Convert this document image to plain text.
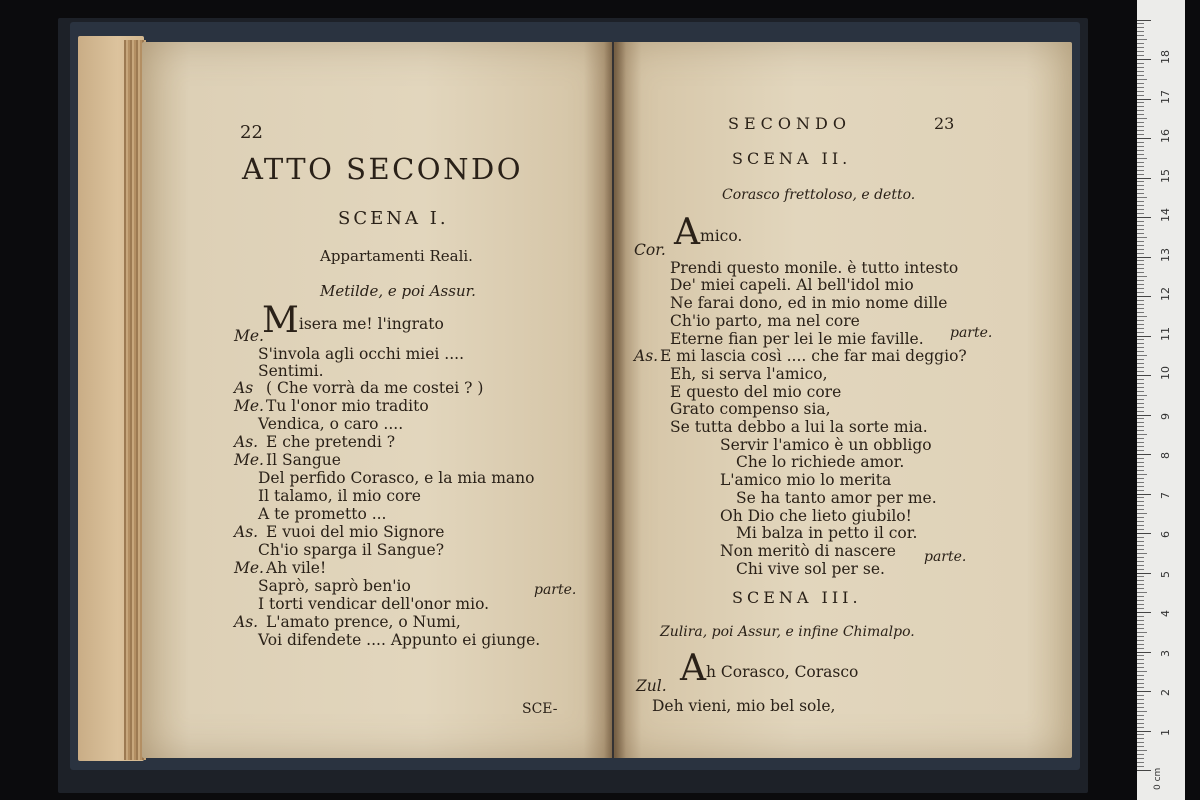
22
ATTO SECONDO
SCENA I.
Appartamenti Reali.
Metilde, e poi Assur.
Me.
Misera me! l'ingrato
S'invola agli occhi miei ....
Sentimi.
As ( Che vorrà da me costei ? )
Me. Tu l'onor mio tradito
Vendica, o caro ....
As. E che pretendi ?
Me. Il Sangue
Del perfido Corasco, e la mia mano
Il talamo, il mio core
A te prometto ...
As. E vuoi del mio Signore
Ch'io sparga il Sangue?
Me. Ah vile!
Saprò, saprò ben'io
I torti vendicar dell'onor mio.
As. L'amato prence, o Numi,
Voi difendete .... Appunto ei giunge.
parte.
SCE-
SECONDO	23
SCENA II.
Corasco frettoloso, e detto.
Cor. Amico.
Prendi questo monile. è tutto intesto
De' miei capeli. Al bell'idol mio
Ne farai dono, ed in mio nome dille
Ch'io parto, ma nel core
Eterne fian per lei le mie faville.
As. E mi lascia così .... che far mai deggio?
Eh, si serva l'amico,
E questo del mio core
Grato compenso sia,
Se tutta debbo a lui la sorte mia.
Servir l'amico è un obbligo
Che lo richiede amor.
L'amico mio lo merita
Se ha tanto amor per me.
Oh Dio che lieto giubilo!
Mi balza in petto il cor.
Non meritò di nascere
Chi vive sol per se.
parte.
parte.
SCENA III.
Zulira, poi Assur, e infine Chimalpo.
Zul. Ah Corasco, Corasco
Deh vieni, mio bel sole,
0 cm
1
2
3
4
5
6
7
8
9
10
11
12
13
14
15
16
17
18
